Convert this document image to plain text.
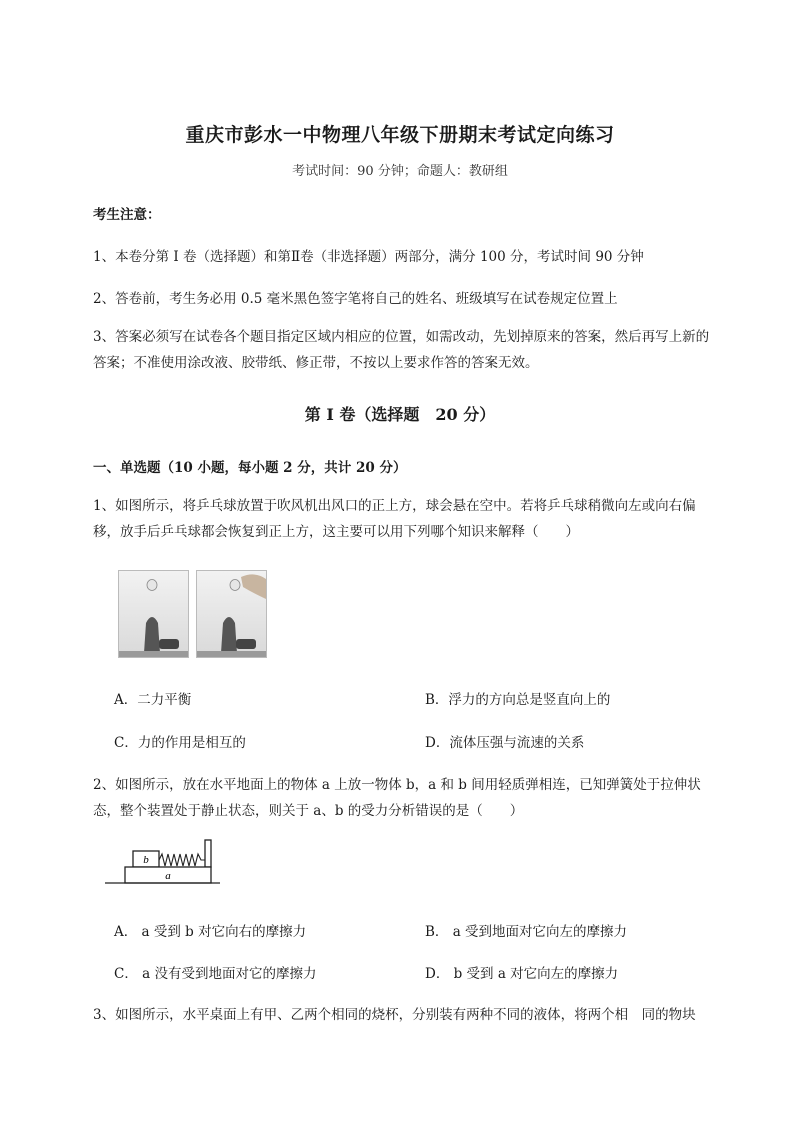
重庆市彭水一中物理八年级下册期末考试定向练习
考试时间：90 分钟；命题人：教研组
考生注意：
1、本卷分第 I 卷（选择题）和第Ⅱ卷（非选择题）两部分，满分 100 分，考试时间 90 分钟
2、答卷前，考生务必用 0.5 毫米黑色签字笔将自己的姓名、班级填写在试卷规定位置上
3、答案必须写在试卷各个题目指定区域内相应的位置，如需改动，先划掉原来的答案，然后再写上新的答案；不准使用涂改液、胶带纸、修正带，不按以上要求作答的答案无效。
第 I 卷（选择题　20 分）
一、单选题（10 小题，每小题 2 分，共计 20 分）
1、如图所示，将乒乓球放置于吹风机出风口的正上方，球会悬在空中。若将乒乓球稍微向左或向右偏移，放手后乒乓球都会恢复到正上方，这主要可以用下列哪个知识来解释（　　）
A．二力平衡	B．浮力的方向总是竖直向上的
C．力的作用是相互的	D．流体压强与流速的关系
2、如图所示，放在水平地面上的物体 a 上放一物体 b，a 和 b 间用轻质弹相连，已知弹簧处于拉伸状态，整个装置处于静止状态，则关于 a、b 的受力分析错误的是（　　）
b
a
A． a 受到 b 对它向右的摩擦力	B． a 受到地面对它向左的摩擦力
C． a 没有受到地面对它的摩擦力	D． b 受到 a 对它向左的摩擦力
3、如图所示，水平桌面上有甲、乙两个相同的烧杯，分别装有两种不同的液体，将两个相　同的物块
